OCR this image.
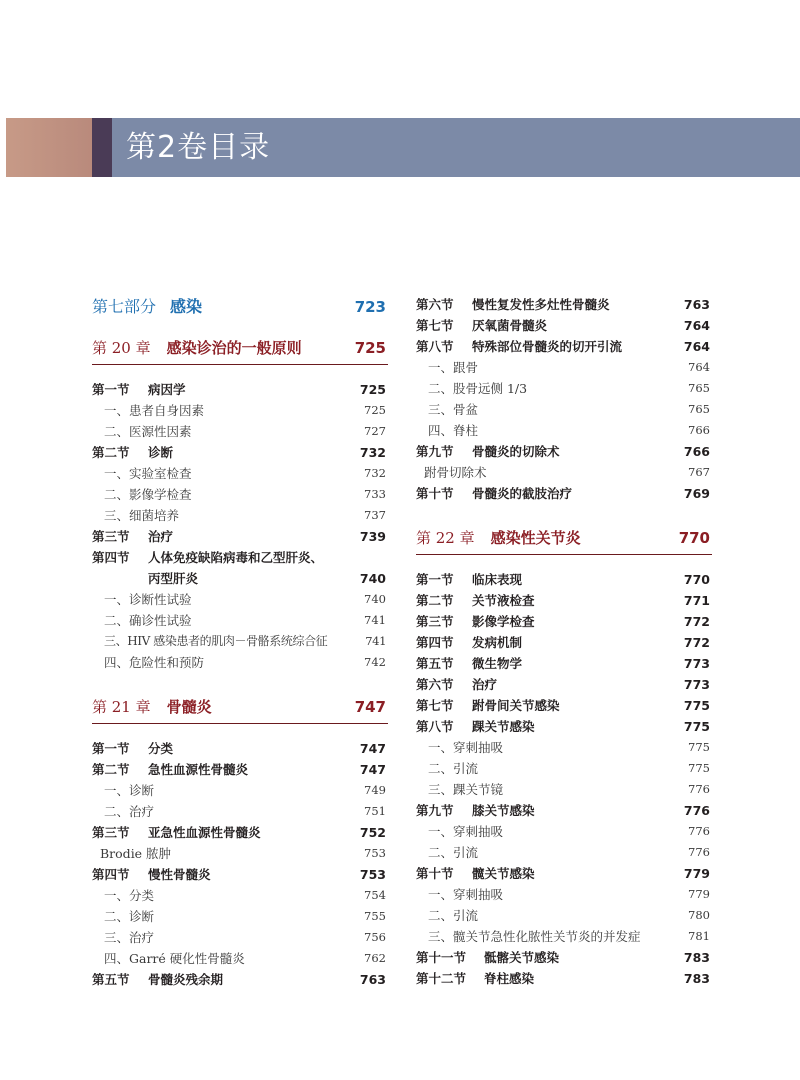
第2卷目录
第七部分 感染	723
第 20 章 感染诊治的一般原则	725
第一节 病因学	725
一、患者自身因素	725
二、医源性因素	727
第二节 诊断	732
一、实验室检查	732
二、影像学检查	733
三、细菌培养	737
第三节 治疗	739
第四节 人体免疫缺陷病毒和乙型肝炎、
丙型肝炎	740
一、诊断性试验	740
二、确诊性试验	741
三、HIV 感染患者的肌肉－骨骼系统综合征	741
四、危险性和预防	742
第 21 章 骨髓炎	747
第一节 分类	747
第二节 急性血源性骨髓炎	747
一、诊断	749
二、治疗	751
第三节 亚急性血源性骨髓炎	752
Brodie 脓肿	753
第四节 慢性骨髓炎	753
一、分类	754
二、诊断	755
三、治疗	756
四、Garré 硬化性骨髓炎	762
第五节 骨髓炎残余期	763
第六节 慢性复发性多灶性骨髓炎	763
第七节 厌氧菌骨髓炎	764
第八节 特殊部位骨髓炎的切开引流	764
一、跟骨	764
二、股骨远侧 1/3	765
三、骨盆	765
四、脊柱	766
第九节 骨髓炎的切除术	766
跗骨切除术	767
第十节 骨髓炎的截肢治疗	769
第 22 章 感染性关节炎	770
第一节 临床表现	770
第二节 关节液检查	771
第三节 影像学检查	772
第四节 发病机制	772
第五节 微生物学	773
第六节 治疗	773
第七节 跗骨间关节感染	775
第八节 踝关节感染	775
一、穿刺抽吸	775
二、引流	775
三、踝关节镜	776
第九节 膝关节感染	776
一、穿刺抽吸	776
二、引流	776
第十节 髋关节感染	779
一、穿刺抽吸	779
二、引流	780
三、髋关节急性化脓性关节炎的并发症	781
第十一节 骶髂关节感染	783
第十二节 脊柱感染	783
